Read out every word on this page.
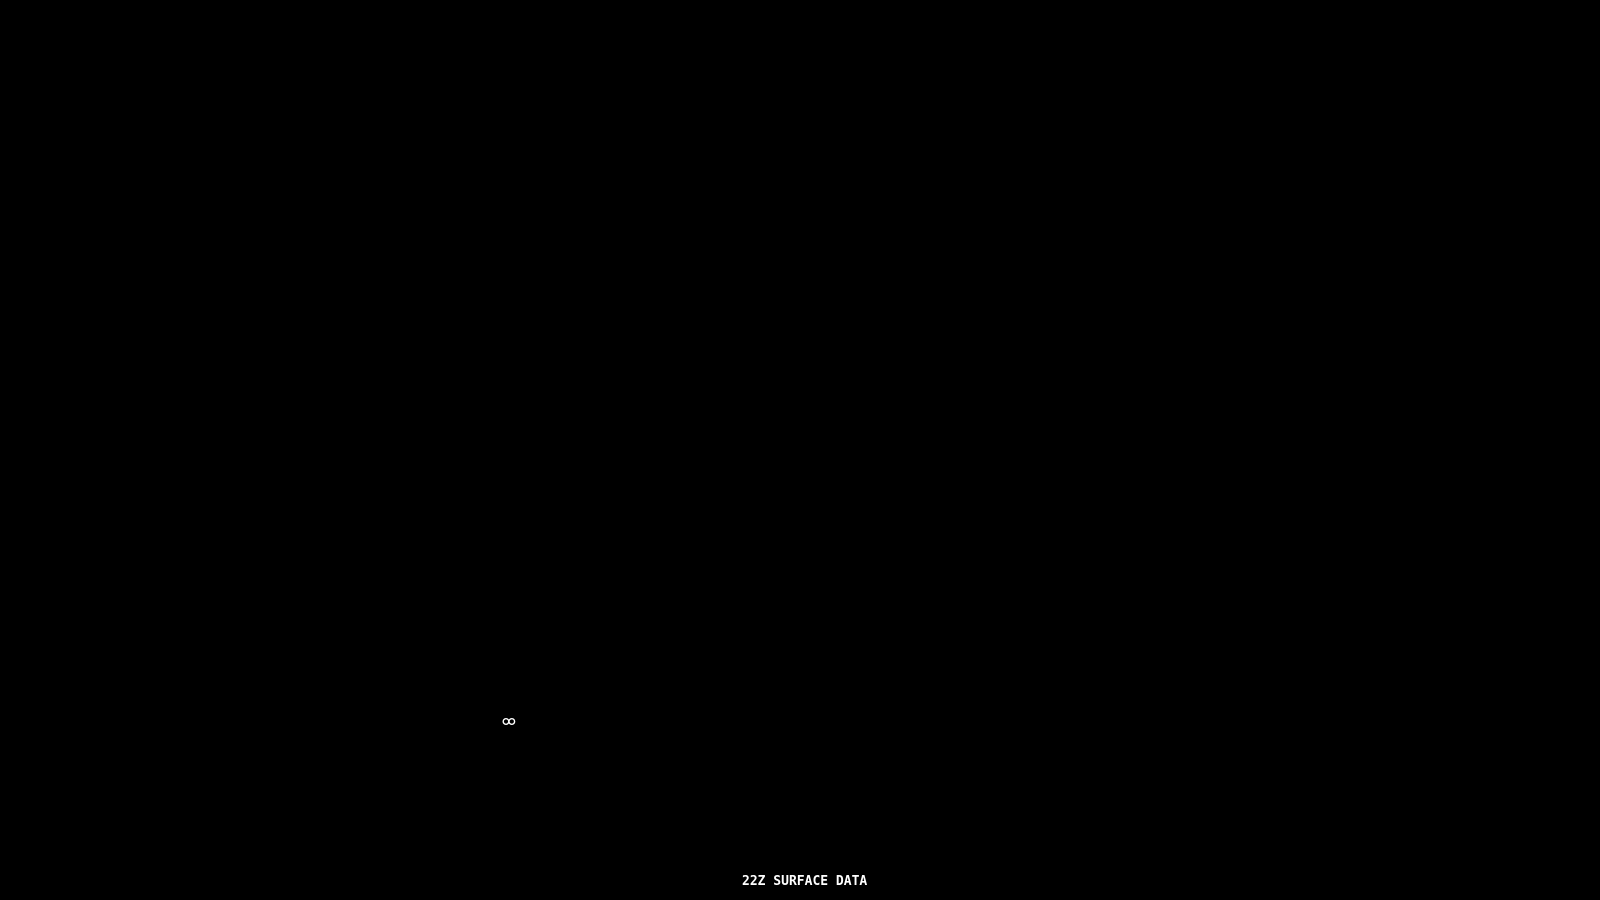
22Z SURFACE DATA
